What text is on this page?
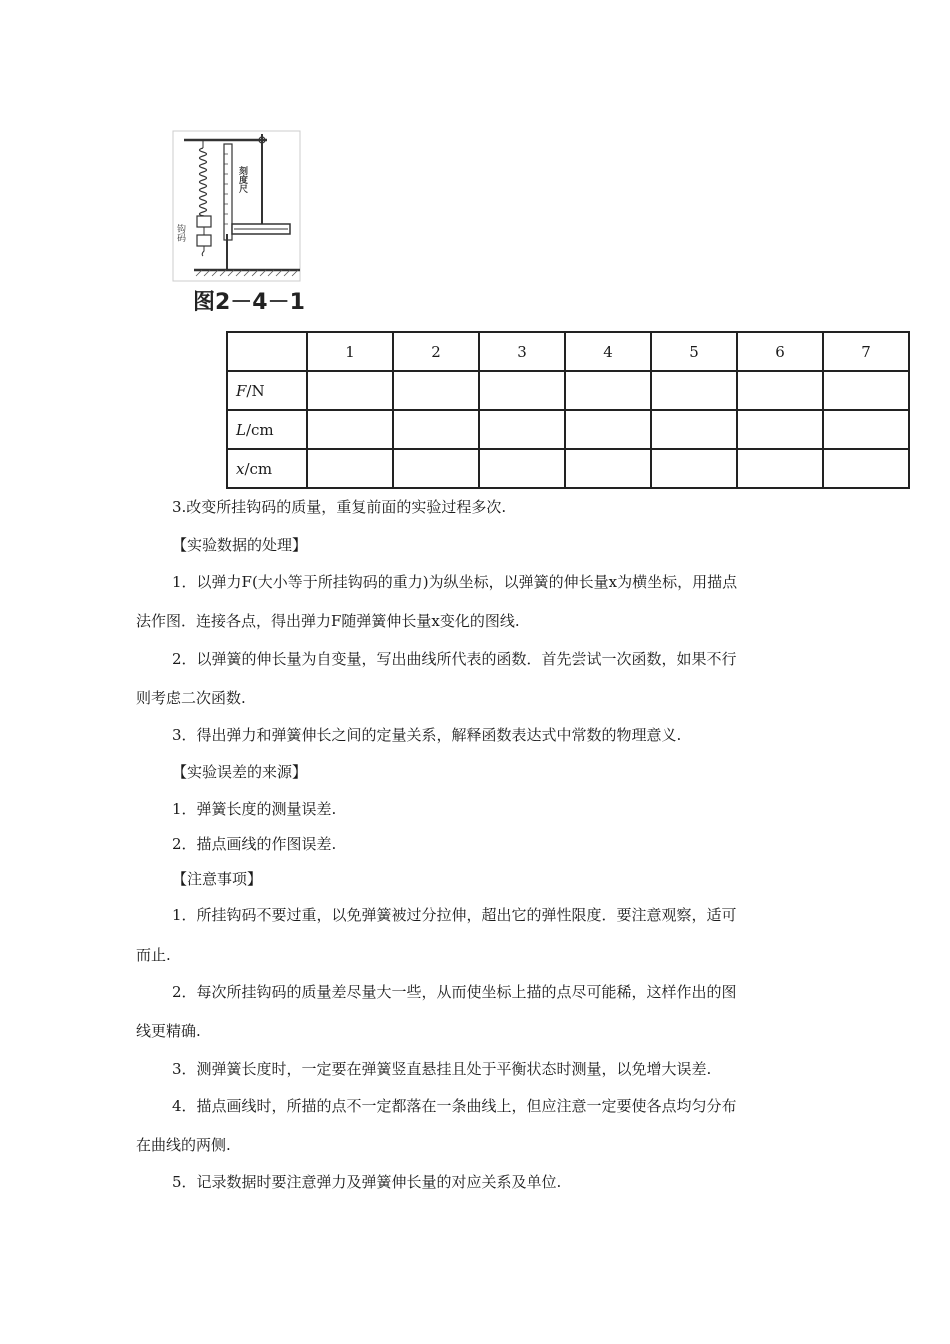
钩码
刻度尺
图2－4－1
	1	2	3	4	5	6	7
F/N							
L/cm							
x/cm							
3.改变所挂钩码的质量，重复前面的实验过程多次.
【实验数据的处理】
1．以弹力F(大小等于所挂钩码的重力)为纵坐标，以弹簧的伸长量x为横坐标，用描点
法作图．连接各点，得出弹力F随弹簧伸长量x变化的图线.
2．以弹簧的伸长量为自变量，写出曲线所代表的函数．首先尝试一次函数，如果不行
则考虑二次函数.
3．得出弹力和弹簧伸长之间的定量关系，解释函数表达式中常数的物理意义.
【实验误差的来源】
1．弹簧长度的测量误差.
2．描点画线的作图误差.
【注意事项】
1．所挂钩码不要过重，以免弹簧被过分拉伸，超出它的弹性限度．要注意观察，适可
而止.
2．每次所挂钩码的质量差尽量大一些，从而使坐标上描的点尽可能稀，这样作出的图
线更精确.
3．测弹簧长度时，一定要在弹簧竖直悬挂且处于平衡状态时测量，以免增大误差.
4．描点画线时，所描的点不一定都落在一条曲线上，但应注意一定要使各点均匀分布
在曲线的两侧.
5．记录数据时要注意弹力及弹簧伸长量的对应关系及单位.
